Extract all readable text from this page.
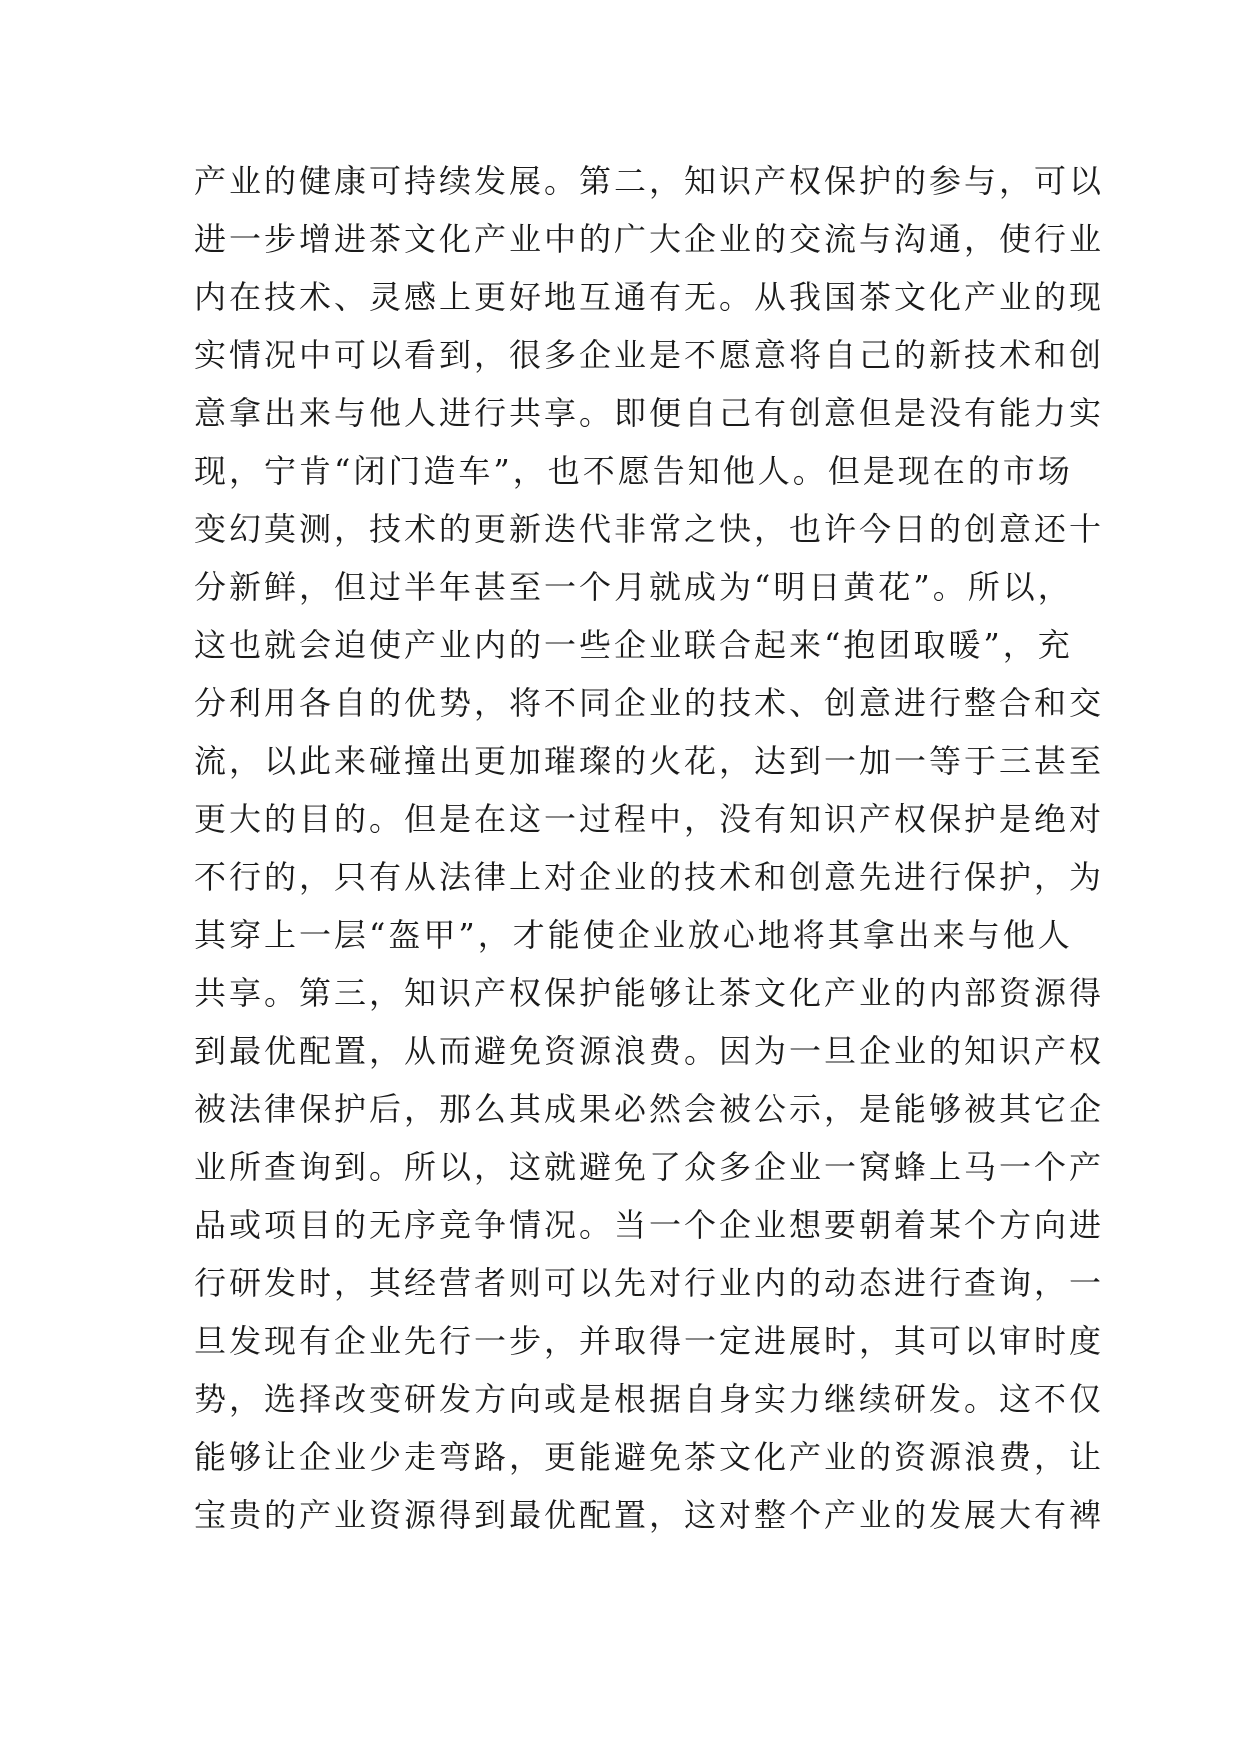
产业的健康可持续发展。第二，知识产权保护的参与，可以
进一步增进茶文化产业中的广大企业的交流与沟通，使行业
内在技术、灵感上更好地互通有无。从我国茶文化产业的现
实情况中可以看到，很多企业是不愿意将自己的新技术和创
意拿出来与他人进行共享。即便自己有创意但是没有能力实
现，宁肯“闭门造车”，也不愿告知他人。但是现在的市场
变幻莫测，技术的更新迭代非常之快，也许今日的创意还十
分新鲜，但过半年甚至一个月就成为“明日黄花”。所以，
这也就会迫使产业内的一些企业联合起来“抱团取暖”，充
分利用各自的优势，将不同企业的技术、创意进行整合和交
流，以此来碰撞出更加璀璨的火花，达到一加一等于三甚至
更大的目的。但是在这一过程中，没有知识产权保护是绝对
不行的，只有从法律上对企业的技术和创意先进行保护，为
其穿上一层“盔甲”，才能使企业放心地将其拿出来与他人
共享。第三，知识产权保护能够让茶文化产业的内部资源得
到最优配置，从而避免资源浪费。因为一旦企业的知识产权
被法律保护后，那么其成果必然会被公示，是能够被其它企
业所查询到。所以，这就避免了众多企业一窝蜂上马一个产
品或项目的无序竞争情况。当一个企业想要朝着某个方向进
行研发时，其经营者则可以先对行业内的动态进行查询，一
旦发现有企业先行一步，并取得一定进展时，其可以审时度
势，选择改变研发方向或是根据自身实力继续研发。这不仅
能够让企业少走弯路，更能避免茶文化产业的资源浪费，让
宝贵的产业资源得到最优配置，这对整个产业的发展大有裨
